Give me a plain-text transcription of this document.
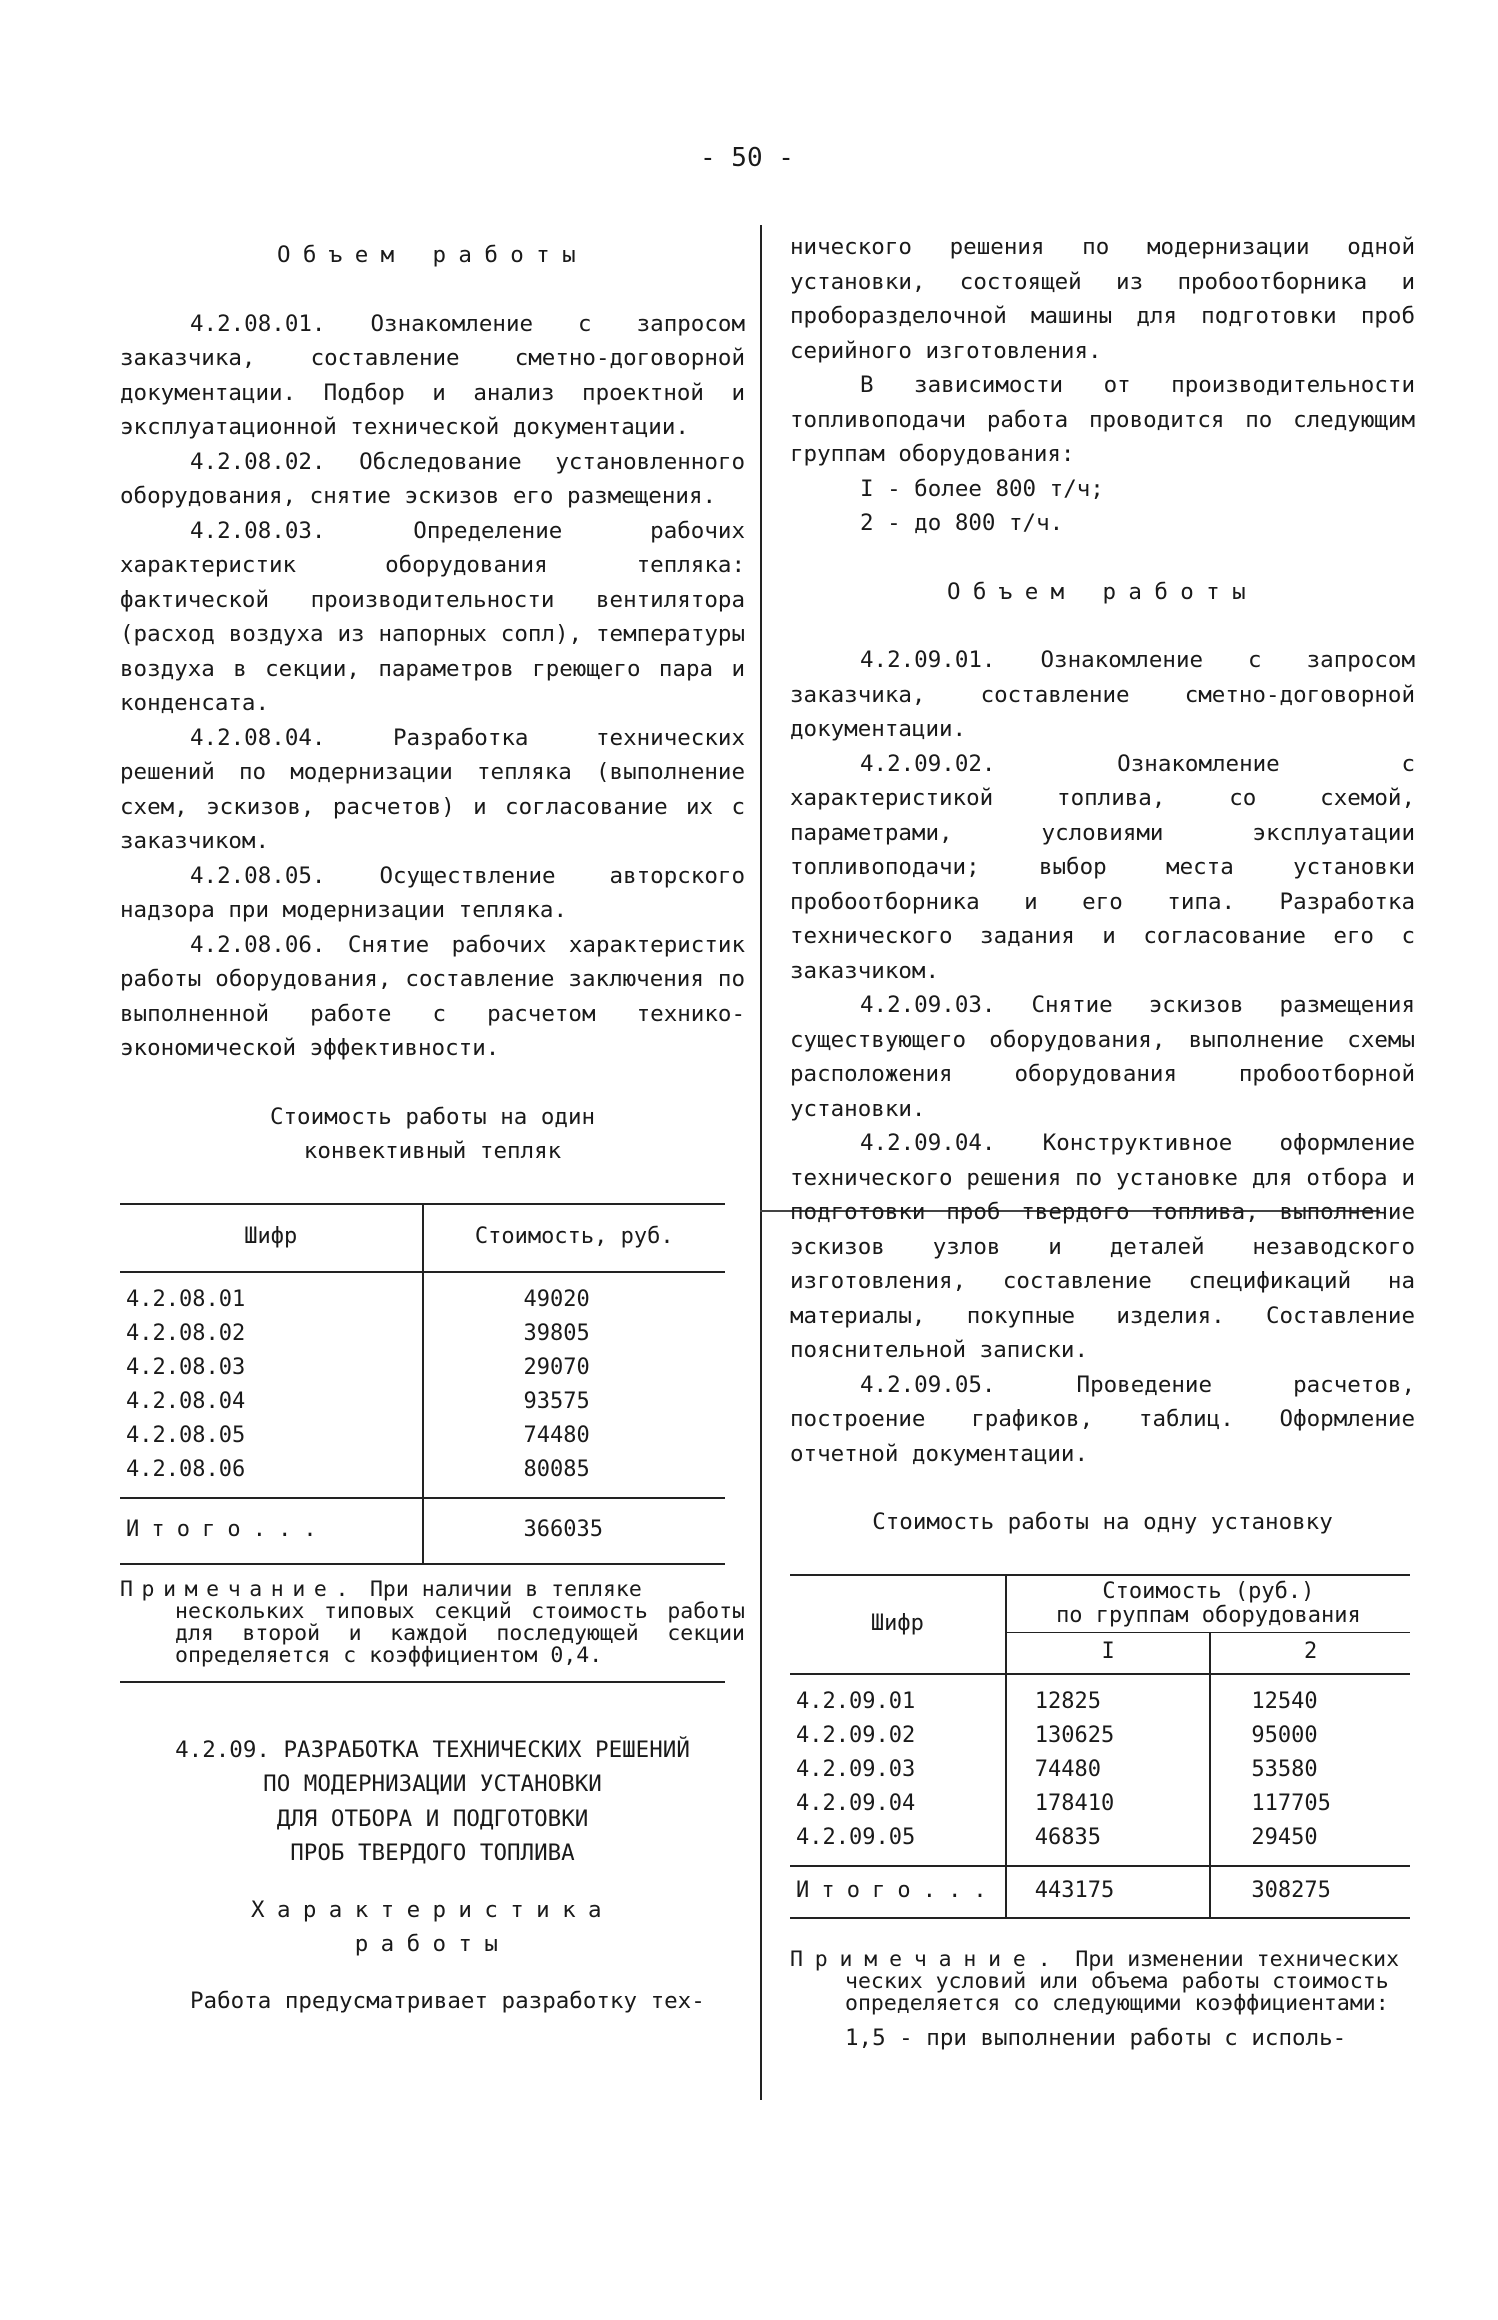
- 50 -

Объем работы

4.2.08.01. Ознакомление с запросом заказчика, составление сметно-договорной документации. Подбор и анализ проектной и эксплуатационной технической документации.

4.2.08.02. Обследование установленного оборудования, снятие эскизов его размещения.

4.2.08.03. Определение рабочих характеристик оборудования тепляка: фактической производительности вентилятора (расход воздуха из напорных сопл), температуры воздуха в секции, параметров греющего пара и конденсата.

4.2.08.04. Разработка технических решений по модернизации тепляка (выполнение схем, эскизов, расчетов) и согласование их с заказчиком.

4.2.08.05. Осуществление авторского надзора при модернизации тепляка.

4.2.08.06. Снятие рабочих характеристик работы оборудования, составление заключения по выполненной работе с расчетом технико-экономической эффективности.

Стоимость работы на один

конвективный тепляк

Шифр	Стоимость, руб.
4.2.08.01	49020
4.2.08.02	39805
4.2.08.03	29070
4.2.08.04	93575
4.2.08.05	74480
4.2.08.06	80085
Итого...	366035
Примечание. При наличии в тепляке
нескольких типовых секций стоимость работы для второй и каждой последующей секции определяется с коэффициентом 0,4.
4.2.09. РАЗРАБОТКА ТЕХНИЧЕСКИХ РЕШЕНИЙ
ПО МОДЕРНИЗАЦИИ УСТАНОВКИ
ДЛЯ ОТБОРА И ПОДГОТОВКИ
ПРОБ ТВЕРДОГО ТОПЛИВА

Характеристика

работы

Работа предусматривает разработку тех-

нического решения по модернизации одной установки, состоящей из пробоотборника и проборазделочной машины для подготовки проб серийного изготовления.

В зависимости от производительности топливоподачи работа проводится по следующим группам оборудования:

I - более 800 т/ч;

2 - до 800 т/ч.

Объем работы

4.2.09.01. Ознакомление с запросом заказчика, составление сметно-договорной документации.

4.2.09.02. Ознакомление с характеристикой топлива, со схемой, параметрами, условиями эксплуатации топливоподачи; выбор места установки пробоотборника и его типа. Разработка технического задания и согласование его с заказчиком.

4.2.09.03. Снятие эскизов размещения существующего оборудования, выполнение схемы расположения оборудования пробоотборной установки.

4.2.09.04. Конструктивное оформление технического решения по установке для отбора и подготовки проб твердого топлива, выполнение эскизов узлов и деталей незаводского изготовления, составление спецификаций на материалы, покупные изделия. Составление пояснительной записки.

4.2.09.05. Проведение расчетов, построение графиков, таблиц. Оформление отчетной документации.

Стоимость работы на одну установку

Шифр	Стоимость (руб.)
по группам оборудования	

	I	2
4.2.09.01	12825	12540
4.2.09.02	130625	95000
4.2.09.03	74480	53580
4.2.09.04	178410	117705
4.2.09.05	46835	29450
Итого...	443175	308275
Примечание. При изменении технических
ческих условий или объема работы стоимость определяется со следующими коэффициентами:

1,5 - при выполнении работы с исполь-
